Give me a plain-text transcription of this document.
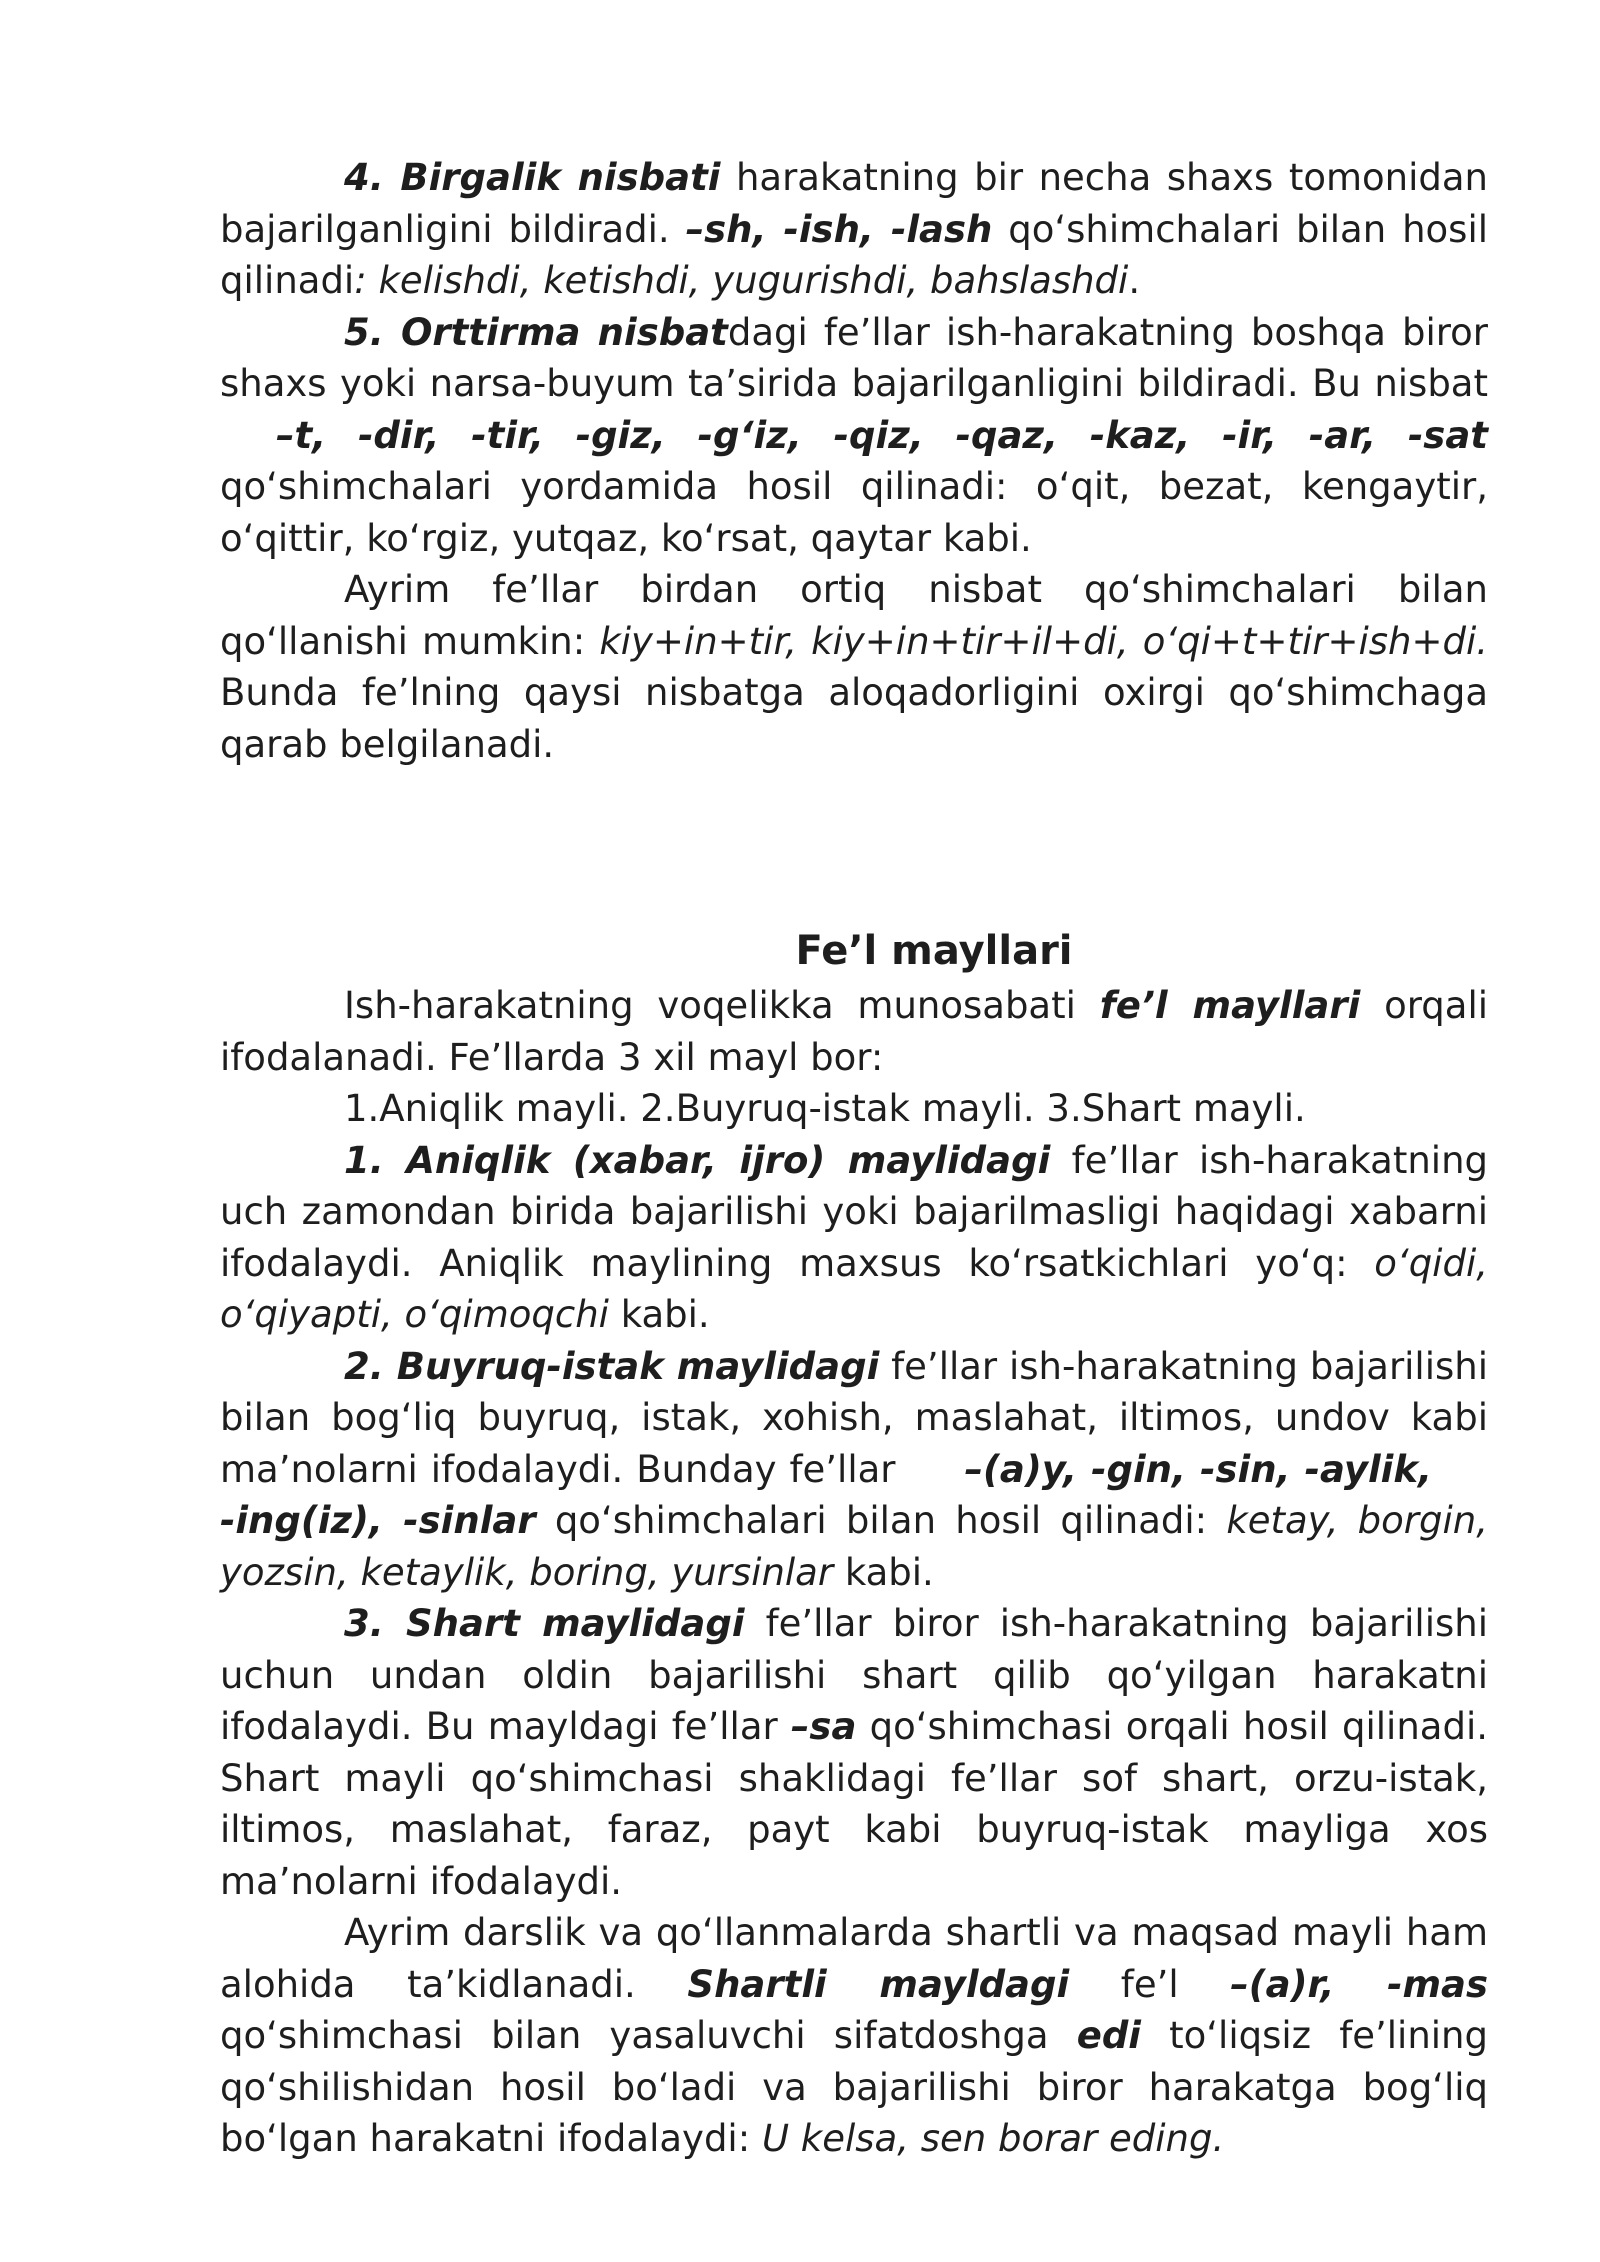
4. Birgalik nisbati harakatning bir necha shaxs tomonidan bajarilganligini bildiradi. –sh, -ish, -lash qo‘shimchalari bilan hosil qilinadi: kelishdi, ketishdi, yugurishdi, bahslashdi.

5. Orttirma nisbatdagi fe’llar ish-harakatning boshqa biror shaxs yoki narsa-buyum ta’sirida bajarilganligini bildiradi. Bu nisbat–t, -dir, -tir, -giz, -g‘iz, -qiz, -qaz, -kaz, -ir, -ar, -sat qo‘shimchalari yordamida hosil qilinadi: o‘qit, bezat, kengaytir, o‘qittir, ko‘rgiz, yutqaz, ko‘rsat, qaytar kabi.

Ayrim fe’llar birdan ortiq nisbat qo‘shimchalari bilan qo‘llanishi mumkin: kiy+in+tir, kiy+in+tir+il+di, o‘qi+t+tir+ish+di. Bunda fe’lning qaysi nisbatga aloqadorligini oxirgi qo‘shimchaga qarab belgilanadi.

Fe’l mayllari

Ish-harakatning voqelikka munosabati fe’l mayllari orqali ifodalanadi. Fe’llarda 3 xil mayl bor:

1.Aniqlik mayli. 2.Buyruq-istak mayli. 3.Shart mayli.

1. Aniqlik (xabar, ijro) maylidagi fe’llar ish-harakatning uch zamondan birida bajarilishi yoki bajarilmasligi haqidagi xabarni ifodalaydi. Aniqlik maylining maxsus ko‘rsatkichlari yo‘q: o‘qidi, o‘qiyapti, o‘qimoqchi kabi.

2. Buyruq-istak maylidagi fe’llar ish-harakatning bajarilishi bilan bog‘liq buyruq, istak, xohish, maslahat, iltimos, undov kabi ma’nolarni ifodalaydi. Bunday fe’llar –(a)y, -gin, -sin, -aylik,-ing(iz), -sinlar qo‘shimchalari bilan hosil qilinadi: ketay, borgin, yozsin, ketaylik, boring, yursinlar kabi.

3. Shart maylidagi fe’llar biror ish-harakatning bajarilishi uchun undan oldin bajarilishi shart qilib qo‘yilgan harakatni ifodalaydi. Bu mayldagi fe’llar –sa qo‘shimchasi orqali hosil qilinadi. Shart mayli qo‘shimchasi shaklidagi fe’llar sof shart, orzu-istak, iltimos, maslahat, faraz, payt kabi buyruq-istak mayliga xos ma’nolarni ifodalaydi.

Ayrim darslik va qo‘llanmalarda shartli va maqsad mayli ham alohida ta’kidlanadi. Shartli mayldagi fe’l –(a)r, -mas qo‘shimchasi bilan yasaluvchi sifatdoshga edi to‘liqsiz fe’lining qo‘shilishidan hosil bo‘ladi va bajarilishi biror harakatga bog‘liq bo‘lgan harakatni ifodalaydi: U kelsa, sen borar eding.
